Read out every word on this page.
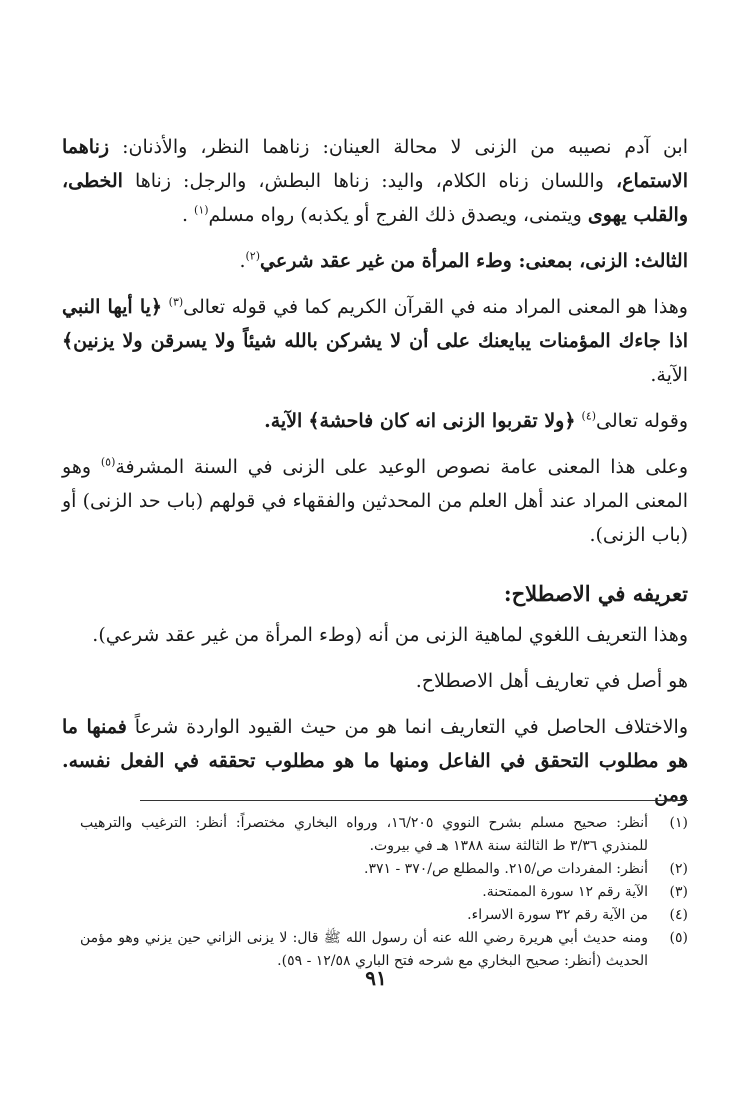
ابن آدم نصيبه من الزنى لا محالة العينان: زناهما النظر، والأذنان: زناهما الاستماع، واللسان زناه الكلام، واليد: زناها البطش، والرجل: زناها الخطى، والقلب يهوى ويتمنى، ويصدق ذلك الفرج أو يكذبه) رواه مسلم$^{(١)}$ .

الثالث: الزنى، بمعنى: وطء المرأة من غير عقد شرعي$^{(٢)}$.

وهذا هو المعنى المراد منه في القرآن الكريم كما في قوله تعالى$^{(٣)}$ ﴿يا أيها النبي اذا جاءك المؤمنات يبايعنك على أن لا يشركن بالله شيئاً ولا يسرقن ولا يزنين﴾ الآية.

وقوله تعالى$^{(٤)}$ ﴿ولا تقربوا الزنى انه كان فاحشة﴾ الآية.

وعلى هذا المعنى عامة نصوص الوعيد على الزنى في السنة المشرفة$^{(٥)}$ وهو المعنى المراد عند أهل العلم من المحدثين والفقهاء في قولهم (باب حد الزنى) أو (باب الزنى).

تعريفه في الاصطلاح:

وهذا التعريف اللغوي لماهية الزنى من أنه (وطء المرأة من غير عقد شرعي).

هو أصل في تعاريف أهل الاصطلاح.

والاختلاف الحاصل في التعاريف انما هو من حيث القيود الواردة شرعاً فمنها ما هو مطلوب التحقق في الفاعل ومنها ما هو مطلوب تحققه في الفعل نفسه. ومن

(١)
أنظر: صحيح مسلم بشرح النووي ١٦/٢٠٥، ورواه البخاري مختصراً: أنظر: الترغيب والترهيب للمنذري ٣/٣٦ ط الثالثة سنة ١٣٨٨ هـ في بيروت.
(٢)
أنظر: المفردات ص/٢١٥. والمطلع ص/٣٧٠ - ٣٧١.
(٣)
الآية رقم ١٢ سورة الممتحنة.
(٤)
من الآية رقم ٣٢ سورة الاسراء.
(٥)
ومنه حديث أبي هريرة رضي الله عنه أن رسول الله ﷺ قال: لا يزنى الزاني حين يزني وهو مؤمن الحديث (أنظر: صحيح البخاري مع شرحه فتح الباري ١٢/٥٨ - ٥٩).
٩١
